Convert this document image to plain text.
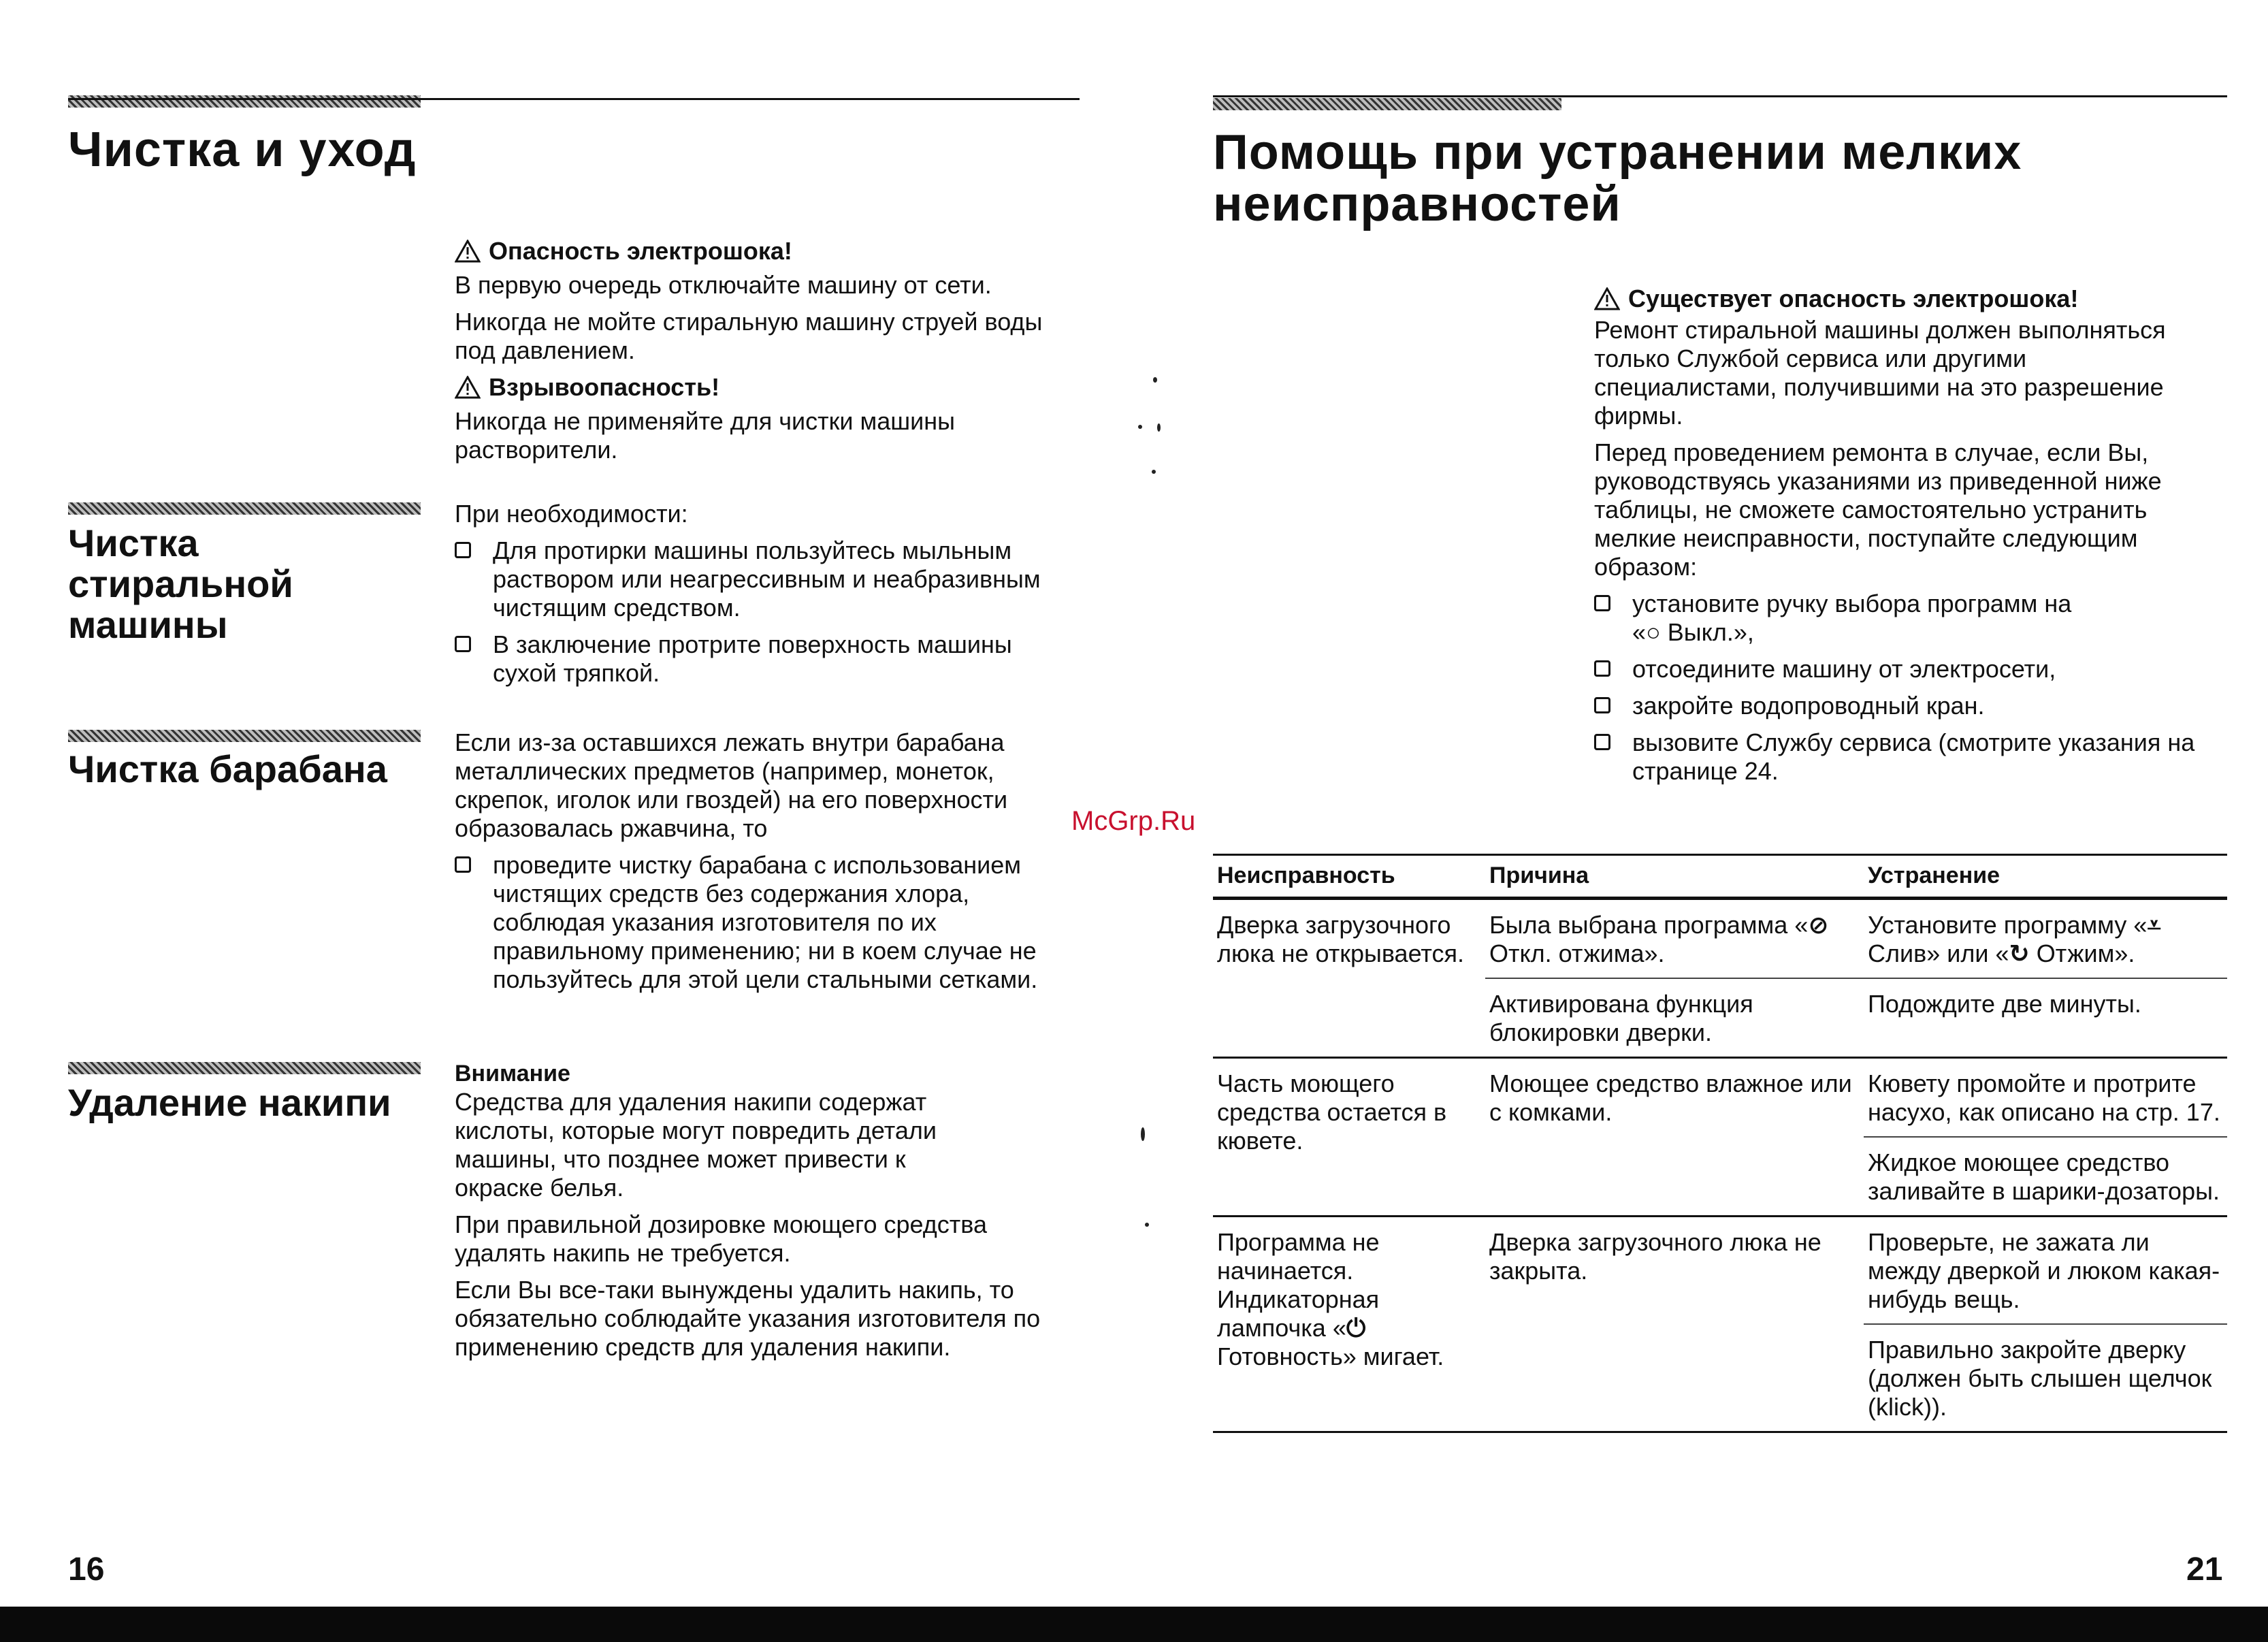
Чистка и уход
Опасность электрошока!

В первую очередь отключайте машину от сети.

Никогда не мойте стиральную машину струей воды под давлением.

Взрывоопасность!

Никогда не применяйте для чистки машины растворители.

Чистка стиральной машины

При необходимости:

Для протирки машины пользуйтесь мыльным раствором или неагрессивным и неабразивным чистящим средством.
В заключение протрите поверхность машины сухой тряпкой.
Чистка барабана

Если из-за оставшихся лежать внутри барабана металлических предметов (например, монеток, скрепок, иголок или гвоздей) на его поверхности образовалась ржавчина, то

проведите чистку барабана с использованием чистящих средств без содержания хлора, соблюдая указания изготовителя по их правильному применению; ни в коем случае не пользуйтесь для этой цели стальными сетками.
Удаление накипи
Внимание

Средства для удаления накипи содержат кислоты, которые могут повредить детали машины, что позднее может привести к окраске белья.

При правильной дозировке моющего средства удалять накипь не требуется.

Если Вы все-таки вынуждены удалить накипь, то обязательно соблюдайте указания изготовителя по применению средств для удаления накипи.

16
McGrp.Ru
Помощь при устранении мелких неисправностей
Существует опасность электрошока!

Ремонт стиральной машины должен выполняться только Службой сервиса или другими специалистами, получившими на это разрешение фирмы.

Перед проведением ремонта в случае, если Вы, руководствуясь указаниями из приведенной ниже таблицы, не сможете самостоятельно устранить мелкие неисправности, поступайте следующим образом:

установите ручку выбора программ на
«○ Выкл.»,
отсоедините машину от электросети,
закройте водопроводный кран.
вызовите Службу сервиса (смотрите указания на странице 24.
Неисправность	Причина	Устранение
Дверка загрузочного люка не открывается.	Была выбрана программа «⊘ Откл. отжима».	Установите программу «⩡ Слив» или «↻ Отжим».
	Активирована функция блокировки дверки.	Подождите две минуты.
Часть моющего средства остается в кювете.	Моющее средство влажное или с комками.	Кювету промойте и протрите насухо, как описано на стр. 17.
		Жидкое моющее средство заливайте в шарики-дозаторы.
Программа не начинается. Индикаторная лампочка «⏻ Готовность» мигает.	Дверка загрузочного люка не закрыта.	Проверьте, не зажата ли между дверкой и люком какая-нибудь вещь.
		Правильно закройте дверку (должен быть слышен щелчок (klick)).
21
